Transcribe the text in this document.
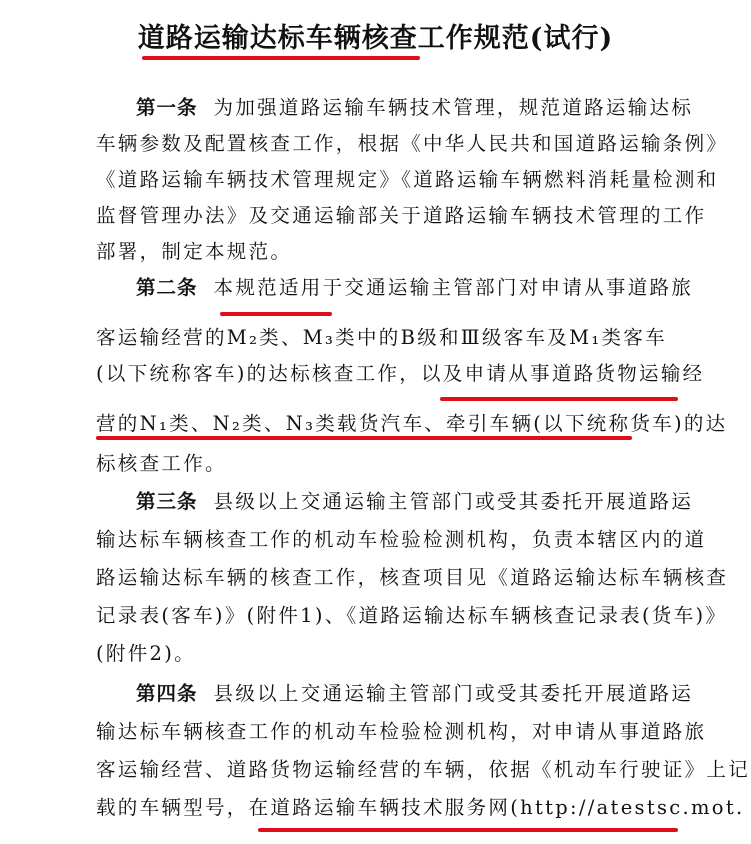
道路运输达标车辆核查工作规范(试行)
第一条 为加强道路运输车辆技术管理，规范道路运输达标
车辆参数及配置核查工作，根据《中华人民共和国道路运输条例》
《道路运输车辆技术管理规定》《道路运输车辆燃料消耗量检测和
监督管理办法》及交通运输部关于道路运输车辆技术管理的工作
部署，制定本规范。
第二条 本规范适用于交通运输主管部门对申请从事道路旅
客运输经营的M₂类、M₃类中的B级和Ⅲ级客车及M₁类客车
(以下统称客车)的达标核查工作，以及申请从事道路货物运输经
营的N₁类、N₂类、N₃类载货汽车、牵引车辆(以下统称货车)的达
标核查工作。
第三条 县级以上交通运输主管部门或受其委托开展道路运
输达标车辆核查工作的机动车检验检测机构，负责本辖区内的道
路运输达标车辆的核查工作，核查项目见《道路运输达标车辆核查
记录表(客车)》(附件1)、《道路运输达标车辆核查记录表(货车)》
(附件2)。
第四条 县级以上交通运输主管部门或受其委托开展道路运
输达标车辆核查工作的机动车检验检测机构，对申请从事道路旅
客运输经营、道路货物运输经营的车辆，依据《机动车行驶证》上记
载的车辆型号，在道路运输车辆技术服务网(http://atestsc.mot.
